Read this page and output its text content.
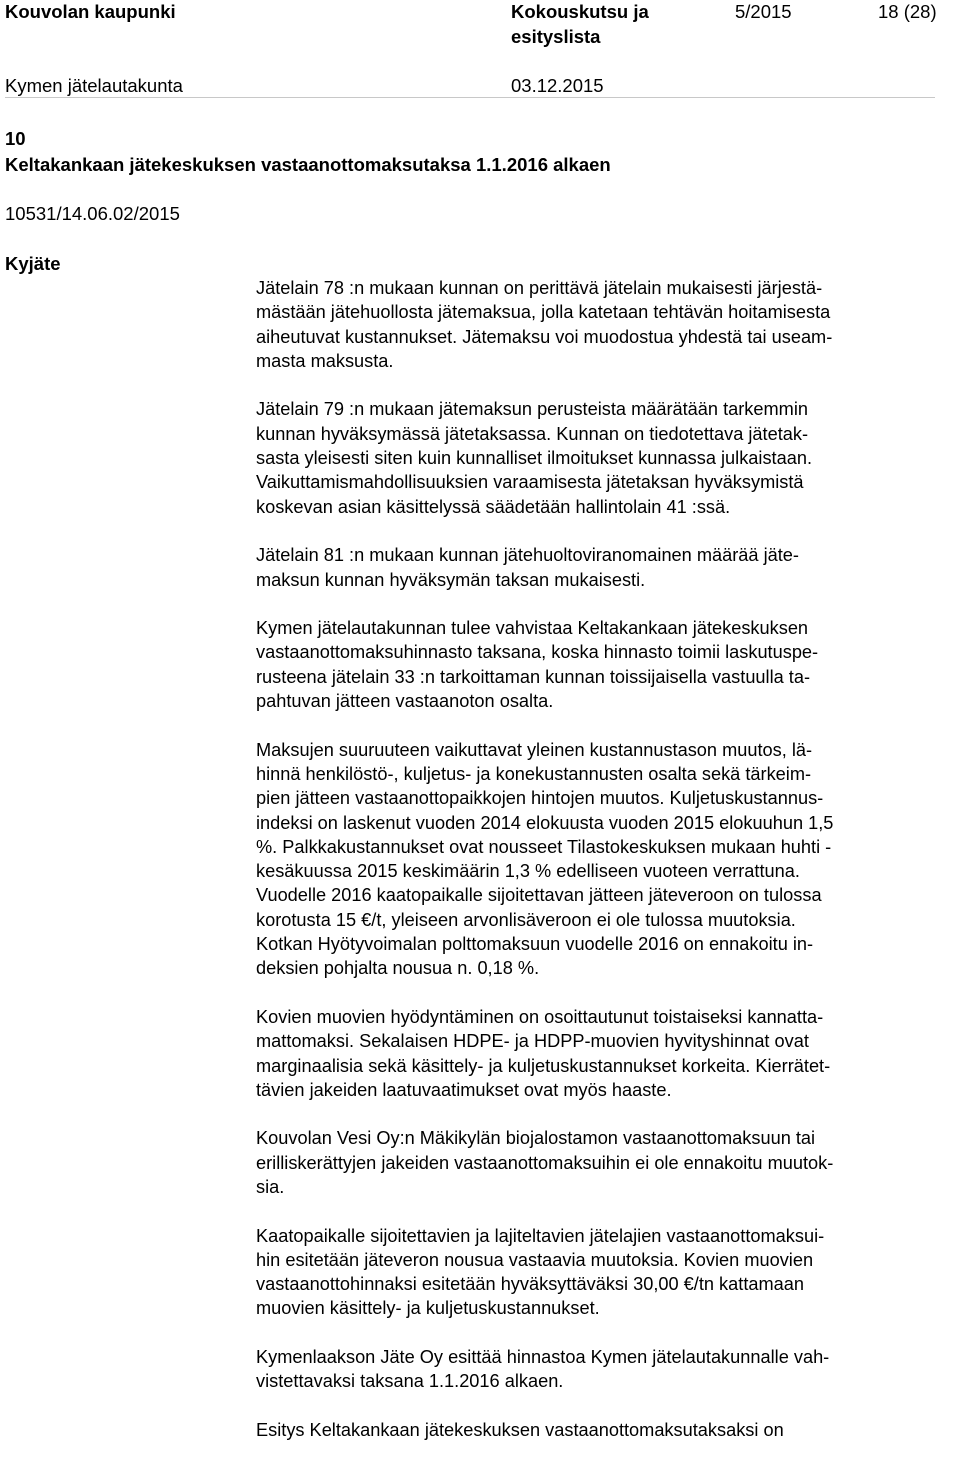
Kouvolan kaupunki	Kokouskutsu ja
esityslista
5/2015	18 (28)
Kymen jätelautakunta	03.12.2015
10
Keltakankaan jätekeskuksen vastaanottomaksutaksa 1.1.2016 alkaen
10531/14.06.02/2015
Kyjäte
Jätelain 78 :n mukaan kunnan on perittävä jätelain mukaisesti järjestä-
mästään jätehuollosta jätemaksua, jolla katetaan tehtävän hoitamisesta
aiheutuvat kustannukset. Jätemaksu voi muodostua yhdestä tai useam-
masta maksusta.
Jätelain 79 :n mukaan jätemaksun perusteista määrätään tarkemmin
kunnan hyväksymässä jätetaksassa. Kunnan on tiedotettava jätetak-
sasta yleisesti siten kuin kunnalliset ilmoitukset kunnassa julkaistaan.
Vaikuttamismahdollisuuksien varaamisesta jätetaksan hyväksymistä
koskevan asian käsittelyssä säädetään hallintolain 41 :ssä.
Jätelain 81 :n mukaan kunnan jätehuoltoviranomainen määrää jäte-
maksun kunnan hyväksymän taksan mukaisesti.
Kymen jätelautakunnan tulee vahvistaa Keltakankaan jätekeskuksen
vastaanottomaksuhinnasto taksana, koska hinnasto toimii laskutuspe-
rusteena jätelain 33 :n tarkoittaman kunnan toissijaisella vastuulla ta-
pahtuvan jätteen vastaanoton osalta.
Maksujen suuruuteen vaikuttavat yleinen kustannustason muutos, lä-
hinnä henkilöstö-, kuljetus- ja konekustannusten osalta sekä tärkeim-
pien jätteen vastaanottopaikkojen hintojen muutos. Kuljetuskustannus-
indeksi on laskenut vuoden 2014 elokuusta vuoden 2015 elokuuhun 1,5
%. Palkkakustannukset ovat nousseet Tilastokeskuksen mukaan huhti -
kesäkuussa 2015 keskimäärin 1,3 % edelliseen vuoteen verrattuna.
Vuodelle 2016 kaatopaikalle sijoitettavan jätteen jäteveroon on tulossa
korotusta 15 €/t, yleiseen arvonlisäveroon ei ole tulossa muutoksia.
Kotkan Hyötyvoimalan polttomaksuun vuodelle 2016 on ennakoitu in-
deksien pohjalta nousua n. 0,18 %.
Kovien muovien hyödyntäminen on osoittautunut toistaiseksi kannatta-
mattomaksi. Sekalaisen HDPE- ja HDPP-muovien hyvityshinnat ovat
marginaalisia sekä käsittely- ja kuljetuskustannukset korkeita. Kierrätet-
tävien jakeiden laatuvaatimukset ovat myös haaste.
Kouvolan Vesi Oy:n Mäkikylän biojalostamon vastaanottomaksuun tai
erilliskerättyjen jakeiden vastaanottomaksuihin ei ole ennakoitu muutok-
sia.
Kaatopaikalle sijoitettavien ja lajiteltavien jätelajien vastaanottomaksui-
hin esitetään jäteveron nousua vastaavia muutoksia. Kovien muovien
vastaanottohinnaksi esitetään hyväksyttäväksi 30,00 €/tn kattamaan
muovien käsittely- ja kuljetuskustannukset.
Kymenlaakson Jäte Oy esittää hinnastoa Kymen jätelautakunnalle vah-
vistettavaksi taksana 1.1.2016 alkaen.
Esitys Keltakankaan jätekeskuksen vastaanottomaksutaksaksi on
